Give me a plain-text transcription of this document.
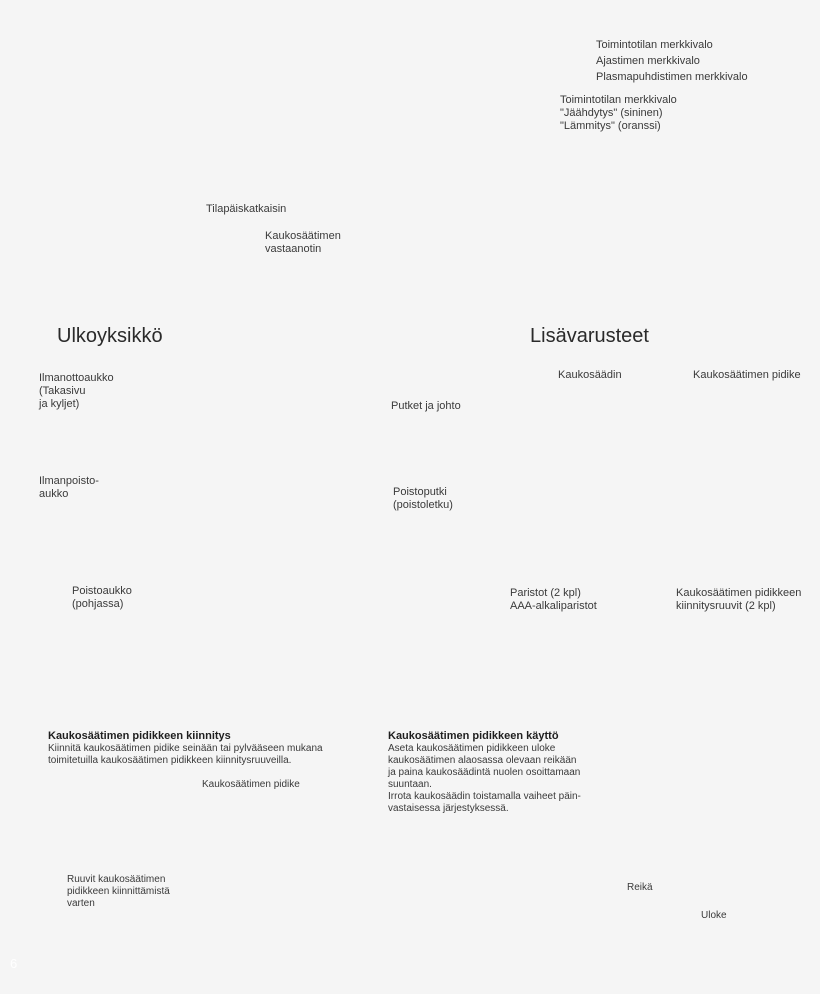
Toimintotilan merkkivalo
Ajastimen merkkivalo
Plasmapuhdistimen merkkivalo
Toimintotilan merkkivalo
"Jäähdytys" (sininen)
"Lämmitys" (oranssi)
Tilapäiskatkaisin
Kaukosäätimen
vastaanotin
Ulkoyksikkö
Ilmanottoaukko
(Takasivu
ja kyljet)
Ilmanpoisto-
aukko
Poistoaukko
(pohjassa)
Putket ja johto
Poistoputki
(poistoletku)
Lisävarusteet
Kaukosäädin	Kaukosäätimen pidike
Paristot (2 kpl)
AAA-alkaliparistot
Kaukosäätimen pidikkeen
kiinnitysruuvit (2 kpl)
Kaukosäätimen pidikkeen kiinnitys
Kiinnitä kaukosäätimen pidike seinään tai pylvääseen mukana
toimitetuilla kaukosäätimen pidikkeen kiinnitysruuveilla.
Kaukosäätimen pidike
Ruuvit kaukosäätimen
pidikkeen kiinnittämistä
varten
Kaukosäätimen pidikkeen käyttö
Aseta kaukosäätimen pidikkeen uloke
kaukosäätimen alaosassa olevaan reikään
ja paina kaukosäädintä nuolen osoittamaan
suuntaan.
Irrota kaukosäädin toistamalla vaiheet päin-
vastaisessa järjestyksessä.
Reikä
Uloke
6
